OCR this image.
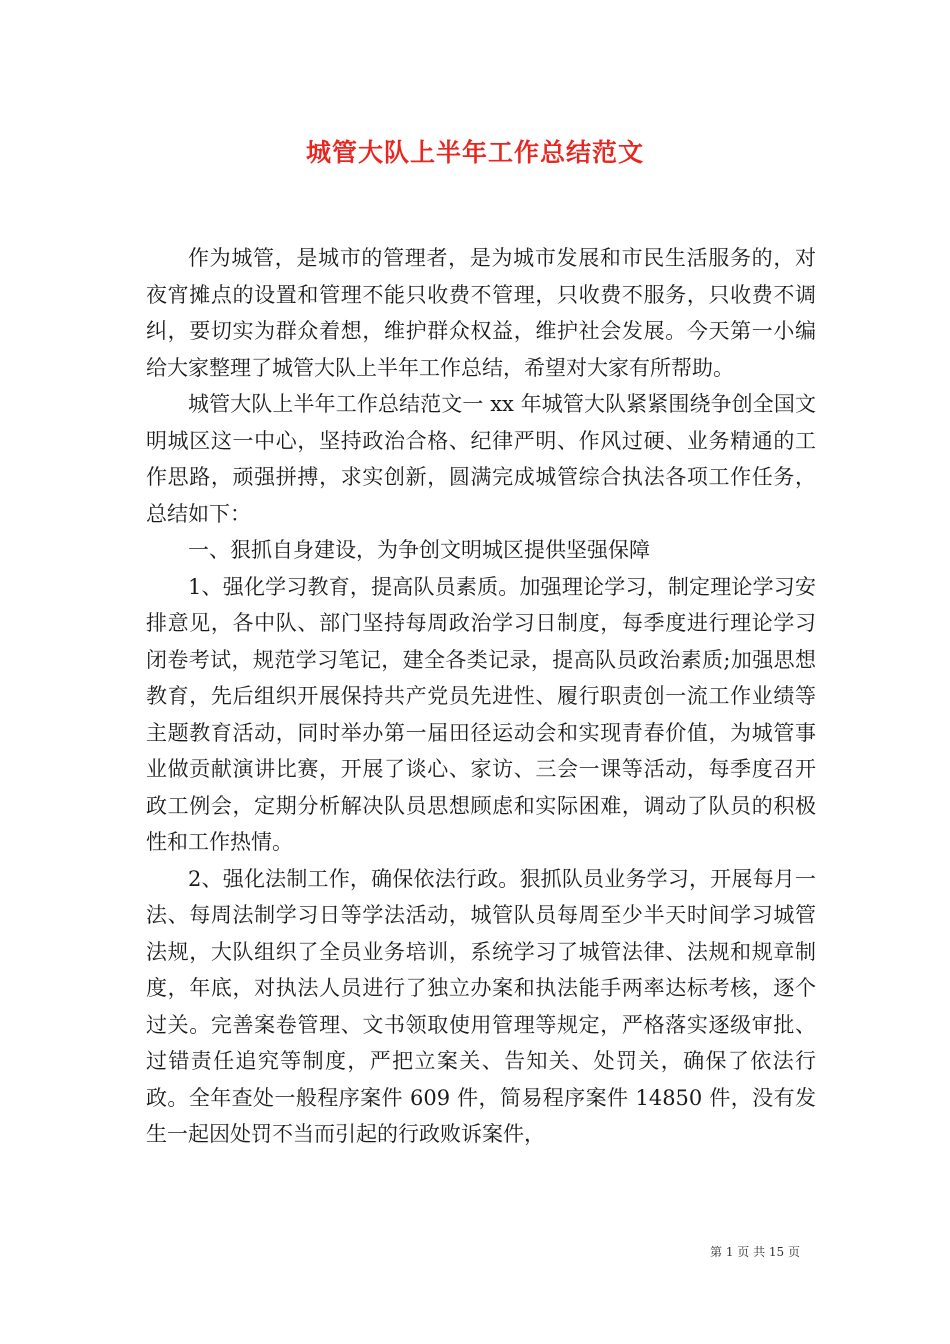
城管大队上半年工作总结范文

作为城管，是城市的管理者，是为城市发展和市民生活服务的，对夜宵摊点的设置和管理不能只收费不管理，只收费不服务，只收费不调纠，要切实为群众着想，维护群众权益，维护社会发展。今天第一小编给大家整理了城管大队上半年工作总结，希望对大家有所帮助。

城管大队上半年工作总结范文一 xx 年城管大队紧紧围绕争创全国文明城区这一中心，坚持政治合格、纪律严明、作风过硬、业务精通的工作思路，顽强拼搏，求实创新，圆满完成城管综合执法各项工作任务，总结如下：

一、狠抓自身建设，为争创文明城区提供坚强保障

1、强化学习教育，提高队员素质。加强理论学习，制定理论学习安排意见，各中队、部门坚持每周政治学习日制度，每季度进行理论学习闭卷考试，规范学习笔记，建全各类记录，提高队员政治素质;加强思想教育，先后组织开展保持共产党员先进性、履行职责创一流工作业绩等主题教育活动，同时举办第一届田径运动会和实现青春价值，为城管事业做贡献演讲比赛，开展了谈心、家访、三会一课等活动，每季度召开政工例会，定期分析解决队员思想顾虑和实际困难，调动了队员的积极性和工作热情。

2、强化法制工作，确保依法行政。狠抓队员业务学习，开展每月一法、每周法制学习日等学法活动，城管队员每周至少半天时间学习城管法规，大队组织了全员业务培训，系统学习了城管法律、法规和规章制度，年底，对执法人员进行了独立办案和执法能手两率达标考核，逐个过关。完善案卷管理、文书领取使用管理等规定，严格落实逐级审批、过错责任追究等制度，严把立案关、告知关、处罚关，确保了依法行政。全年查处一般程序案件 609 件，简易程序案件 14850 件，没有发生一起因处罚不当而引起的行政败诉案件，

第 1 页 共 15 页
